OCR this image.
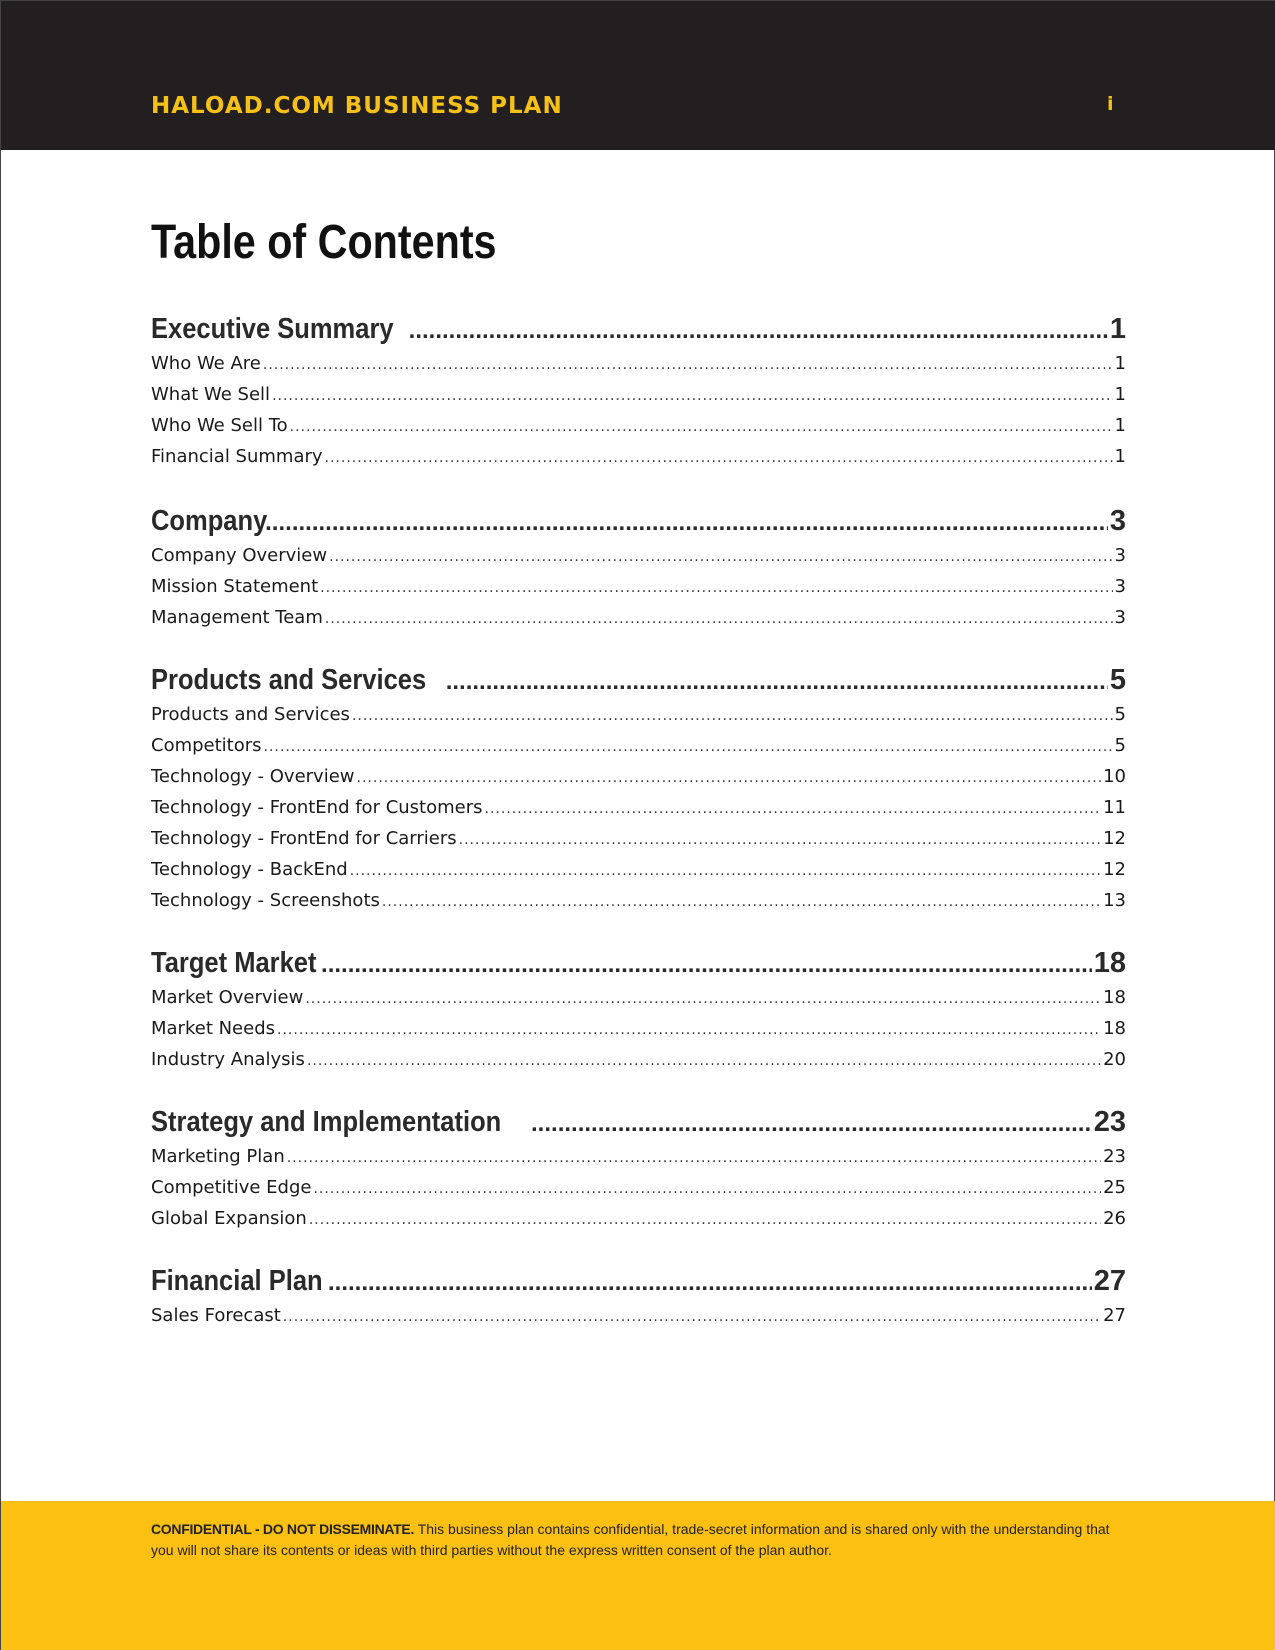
HALOAD.COM BUSINESS PLAN	i
Table of Contents
Executive Summary .....	1
Who We Are .....	1
What We Sell .....	1
Who We Sell To .....	1
Financial Summary .....	1
Company .....	3
Company Overview .....	3
Mission Statement .....	3
Management Team .....	3
Products and Services .....	5
Products and Services .....	5
Competitors .....	5
Technology - Overview .....	10
Technology - FrontEnd for Customers .....	11
Technology - FrontEnd for Carriers .....	12
Technology - BackEnd .....	12
Technology - Screenshots .....	13
Target Market .....	18
Market Overview .....	18
Market Needs .....	18
Industry Analysis .....	20
Strategy and Implementation .....	23
Marketing Plan .....	23
Competitive Edge .....	25
Global Expansion .....	26
Financial Plan .....	27
Sales Forecast .....	27
CONFIDENTIAL - DO NOT DISSEMINATE. This business plan contains confidential, trade-secret information and is shared only with the understanding that you will not share its contents or ideas with third parties without the express written consent of the plan author.
